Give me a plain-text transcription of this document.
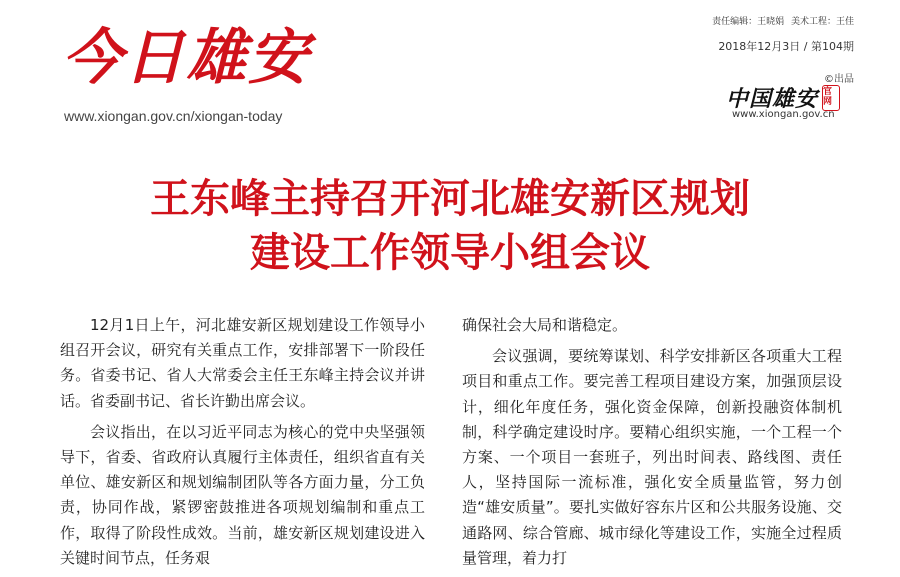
今日雄安
www.xiongan.gov.cn/xiongan-today
责任编辑：王晓娟 美术工程：王佳
2018年12月3日 / 第104期
©出品
中国雄安 官网
www.xiongan.gov.cn
王东峰主持召开河北雄安新区规划
建设工作领导小组会议

12月1日上午，河北雄安新区规划建设工作领导小组召开会议，研究有关重点工作，安排部署下一阶段任务。省委书记、省人大常委会主任王东峰主持会议并讲话。省委副书记、省长许勤出席会议。

会议指出，在以习近平同志为核心的党中央坚强领导下，省委、省政府认真履行主体责任，组织省直有关单位、雄安新区和规划编制团队等各方面力量，分工负责，协同作战，紧锣密鼓推进各项规划编制和重点工作，取得了阶段性成效。当前，雄安新区规划建设进入关键时间节点，任务艰

确保社会大局和谐稳定。

会议强调，要统筹谋划、科学安排新区各项重大工程项目和重点工作。要完善工程项目建设方案，加强顶层设计，细化年度任务，强化资金保障，创新投融资体制机制，科学确定建设时序。要精心组织实施，一个工程一个方案、一个项目一套班子，列出时间表、路线图、责任人，坚持国际一流标准，强化安全质量监管，努力创造“雄安质量”。要扎实做好容东片区和公共服务设施、交通路网、综合管廊、城市绿化等建设工作，实施全过程质量管理，着力打
